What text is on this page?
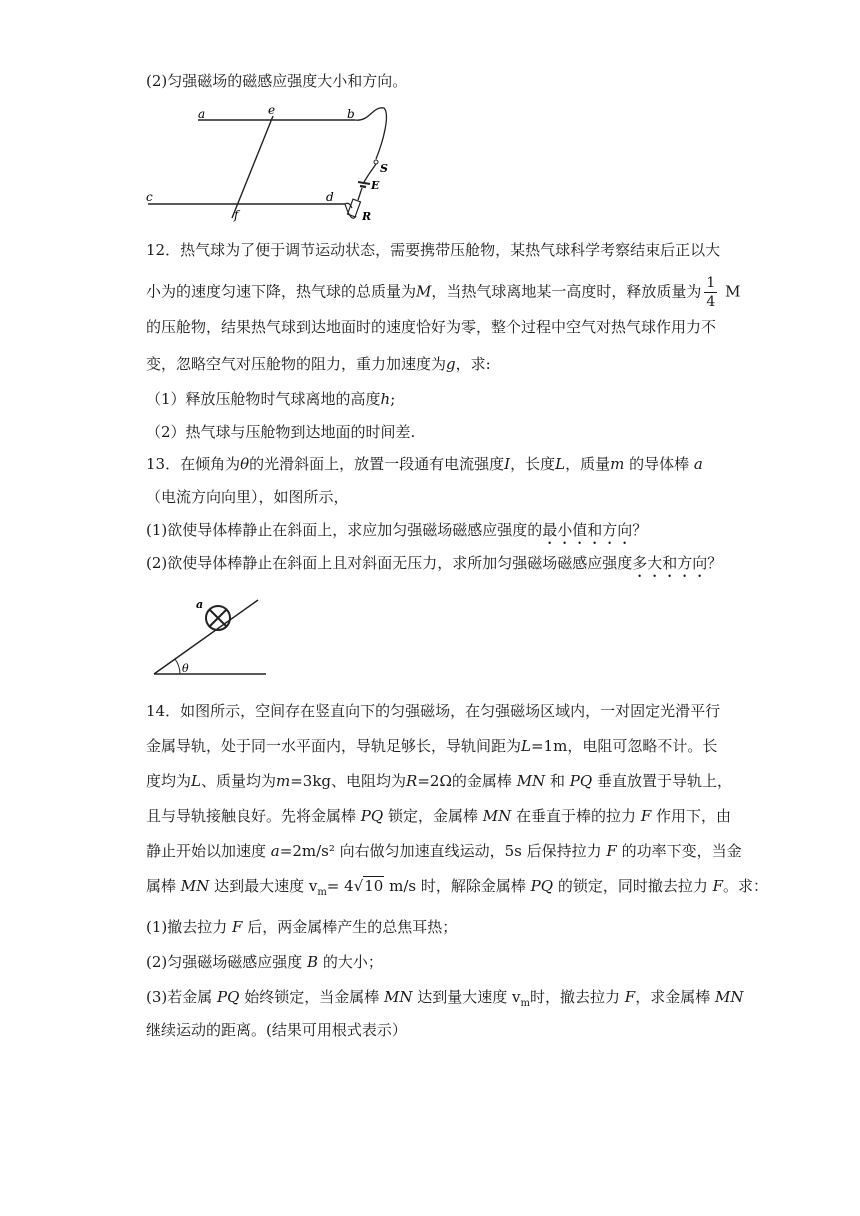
(2)匀强磁场的磁感应强度大小和方向。
a	e	b
S
E
c	d
f	R
12．热气球为了便于调节运动状态，需要携带压舱物，某热气球科学考察结束后正以大
小为的速度匀速下降，热气球的总质量为M，当热气球离地某一高度时，释放质量为 $\frac{1}{4}$ M
的压舱物，结果热气球到达地面时的速度恰好为零，整个过程中空气对热气球作用力不
变，忽略空气对压舱物的阻力，重力加速度为g，求:
（1）释放压舱物时气球离地的高度h;
（2）热气球与压舱物到达地面的时间差.
13．在倾角为θ的光滑斜面上，放置一段通有电流强度I，长度L，质量m 的导体棒 a
（电流方向向里），如图所示，
(1)欲使导体棒静止在斜面上，求应加匀强磁场磁感应强度的最小值和方向？
(2)欲使导体棒静止在斜面上且对斜面无压力，求所加匀强磁场磁感应强度多大和方向？
a
θ
14．如图所示，空间存在竖直向下的匀强磁场，在匀强磁场区域内，一对固定光滑平行
金属导轨，处于同一水平面内，导轨足够长，导轨间距为L=1m，电阻可忽略不计。长
度均为L、质量均为m=3kg、电阻均为R=2Ω的金属棒 MN 和 PQ 垂直放置于导轨上，
且与导轨接触良好。先将金属棒 PQ 锁定，金属棒 MN 在垂直于棒的拉力 F 作用下，由
静止开始以加速度 a=2m/s² 向右做匀加速直线运动，5s 后保持拉力 F 的功率下变，当金
属棒 MN 达到最大速度 $v_m= 4√10$ m/s 时，解除金属棒 PQ 的锁定，同时撤去拉力 F。求：
(1)撤去拉力 F 后，两金属棒产生的总焦耳热；
(2)匀强磁场磁感应强度 B 的大小；
(3)若金属 PQ 始终锁定，当金属棒 MN 达到量大速度 $v_m$时，撤去拉力 F，求金属棒 MN
继续运动的距离。(结果可用根式表示）
